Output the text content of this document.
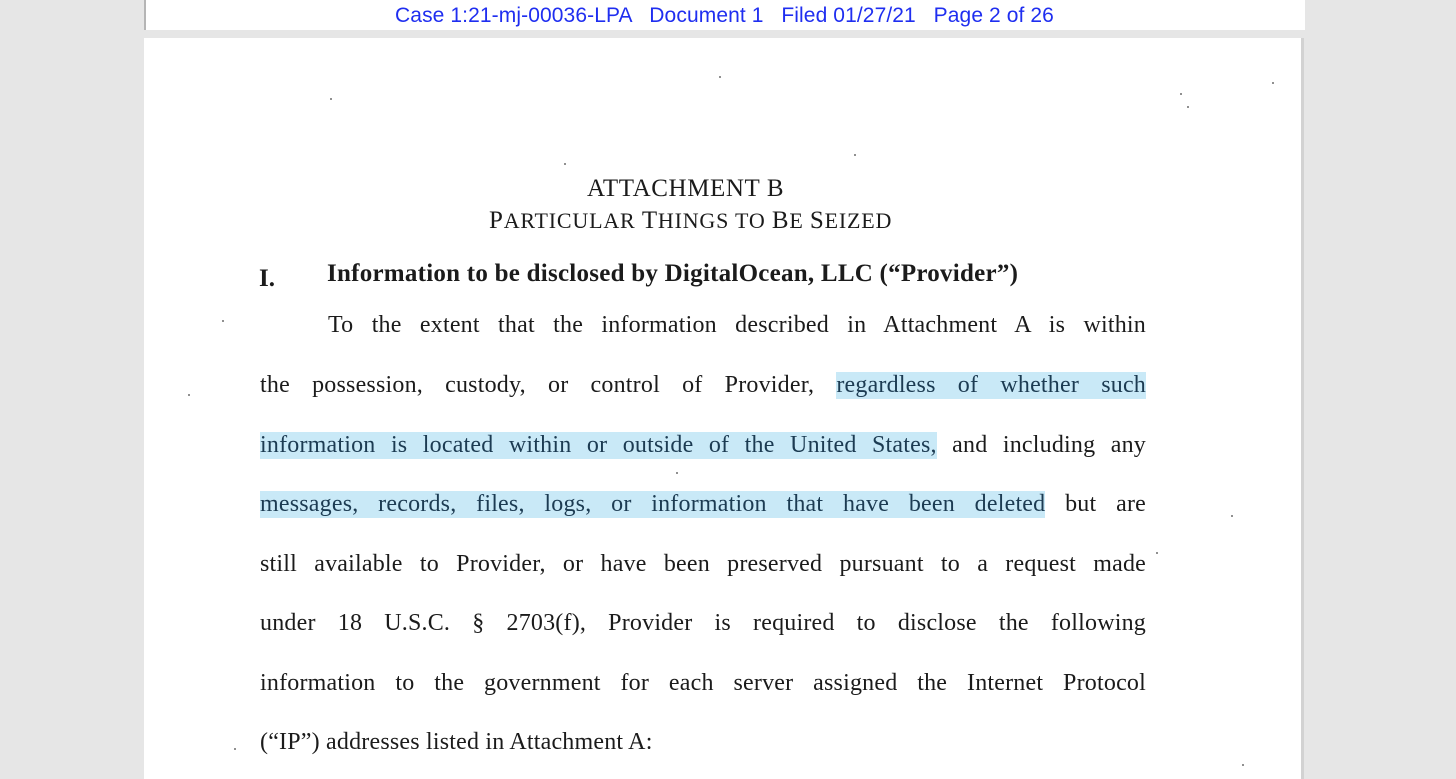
Case 1:21-mj-00036-LPA Document 1 Filed 01/27/21 Page 2 of 26
ATTACHMENT B
PARTICULAR THINGS TO BE SEIZED
I. Information to be disclosed by DigitalOcean, LLC (“Provider”)
To the extent that the information described in Attachment A is within
the possession, custody, or control of Provider, regardless of whether such
information is located within or outside of the United States, and including any
messages, records, files, logs, or information that have been deleted but are
still available to Provider, or have been preserved pursuant to a request made
under 18 U.S.C. § 2703(f), Provider is required to disclose the following
information to the government for each server assigned the Internet Protocol
(“IP”) addresses listed in Attachment A:
